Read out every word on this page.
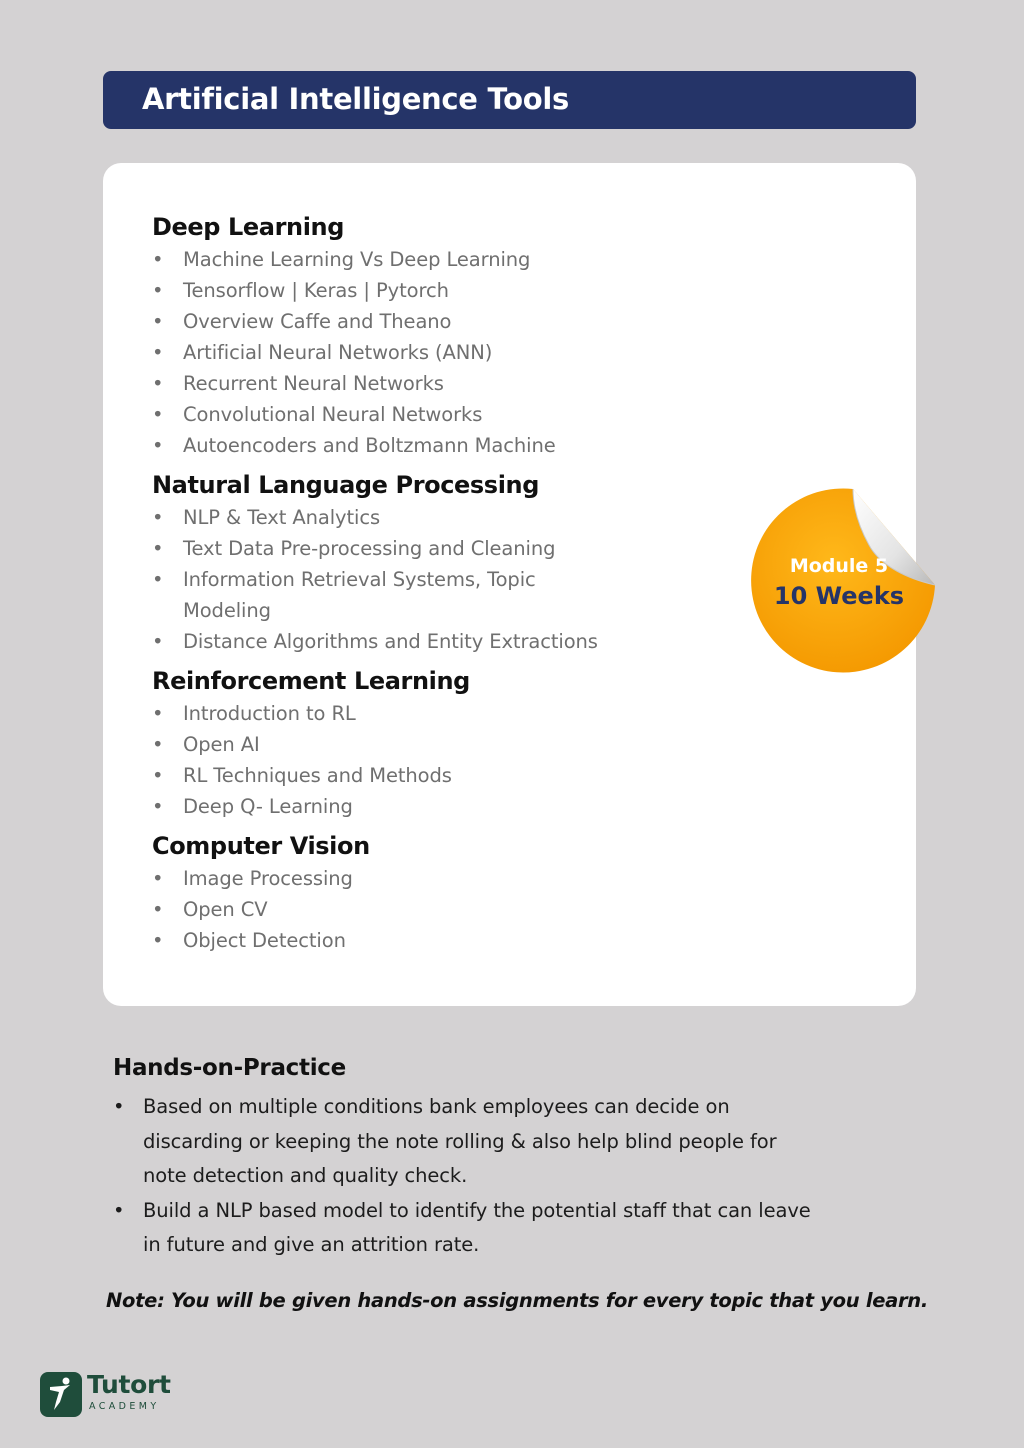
Artificial Intelligence Tools
Deep Learning
• Machine Learning Vs Deep Learning
• Tensorflow | Keras | Pytorch
• Overview Caffe and Theano
• Artificial Neural Networks (ANN)
• Recurrent Neural Networks
• Convolutional Neural Networks
• Autoencoders and Boltzmann Machine
Natural Language Processing
• NLP & Text Analytics
• Text Data Pre-processing and Cleaning
• Information Retrieval Systems, Topic Modeling
• Distance Algorithms and Entity Extractions
Reinforcement Learning
• Introduction to RL
• Open AI
• RL Techniques and Methods
• Deep Q- Learning
Computer Vision
• Image Processing
• Open CV
• Object Detection
Module 5
10 Weeks
Hands-on-Practice
• Based on multiple conditions bank employees can decide on discarding or keeping the note rolling & also help blind people for note detection and quality check.
• Build a NLP based model to identify the potential staff that can leave in future and give an attrition rate.

Note: You will be given hands-on assignments for every topic that you learn.

Tutort
ACADEMY
